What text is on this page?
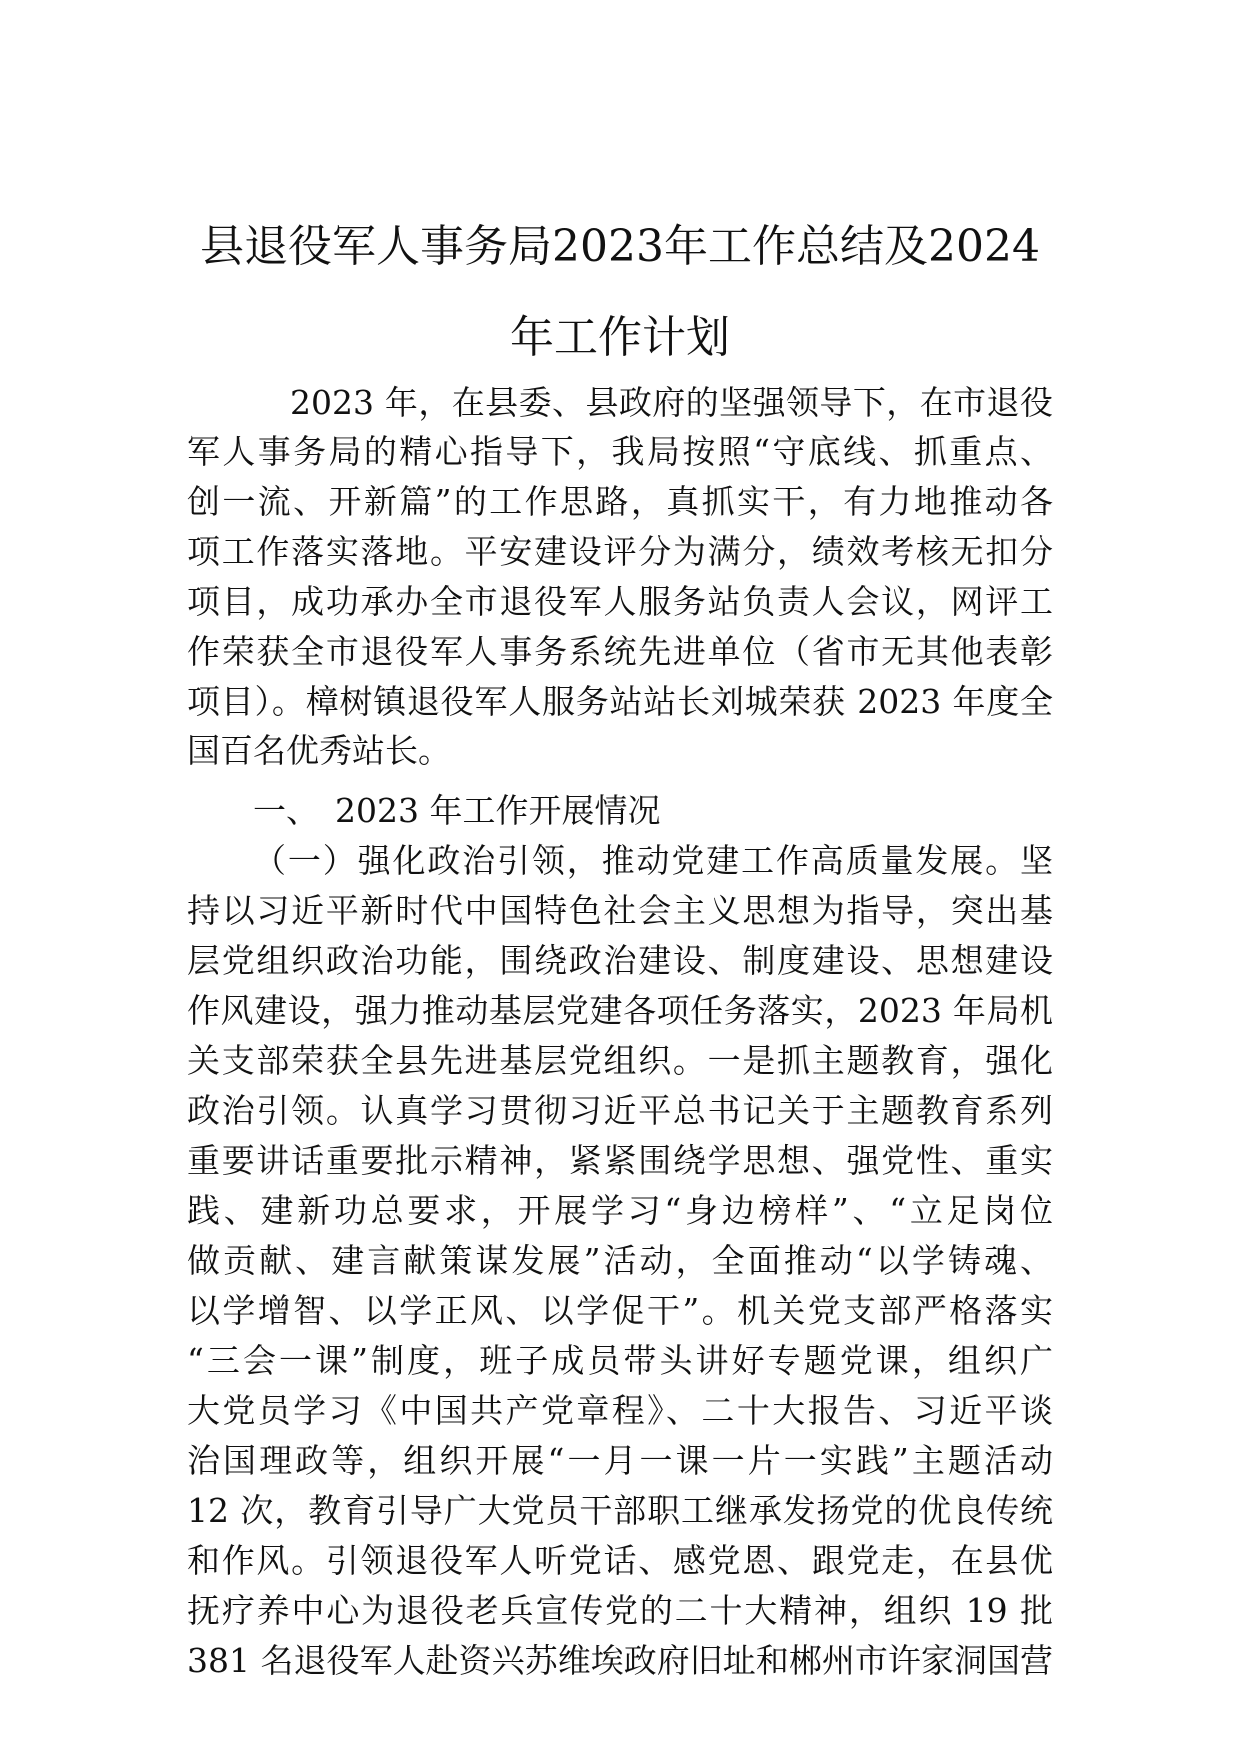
县退役军人事务局2023年工作总结及2024
年工作计划

2023 年，在县委、县政府的坚强领导下，在市退役

军人事务局的精心指导下，我局按照“守底线、抓重点、

创一流、开新篇”的工作思路，真抓实干，有力地推动各

项工作落实落地。平安建设评分为满分，绩效考核无扣分

项目，成功承办全市退役军人服务站负责人会议，网评工

作荣获全市退役军人事务系统先进单位（省市无其他表彰

项目）。樟树镇退役军人服务站站长刘城荣获 2023 年度全

国百名优秀站长。

一、 2023 年工作开展情况

（一）强化政治引领，推动党建工作高质量发展。坚

持以习近平新时代中国特色社会主义思想为指导，突出基

层党组织政治功能，围绕政治建设、制度建设、思想建设

作风建设，强力推动基层党建各项任务落实，2023 年局机

关支部荣获全县先进基层党组织。一是抓主题教育，强化

政治引领。认真学习贯彻习近平总书记关于主题教育系列

重要讲话重要批示精神，紧紧围绕学思想、强党性、重实

践、建新功总要求，开展学习“身边榜样”、“立足岗位

做贡献、建言献策谋发展”活动，全面推动“以学铸魂、

以学增智、以学正风、以学促干”。机关党支部严格落实

“三会一课”制度，班子成员带头讲好专题党课，组织广

大党员学习《中国共产党章程》、二十大报告、习近平谈

治国理政等，组织开展“一月一课一片一实践”主题活动

12 次，教育引导广大党员干部职工继承发扬党的优良传统

和作风。引领退役军人听党话、感党恩、跟党走，在县优

抚疗养中心为退役老兵宣传党的二十大精神，组织 19 批

381 名退役军人赴资兴苏维埃政府旧址和郴州市许家洞国营
